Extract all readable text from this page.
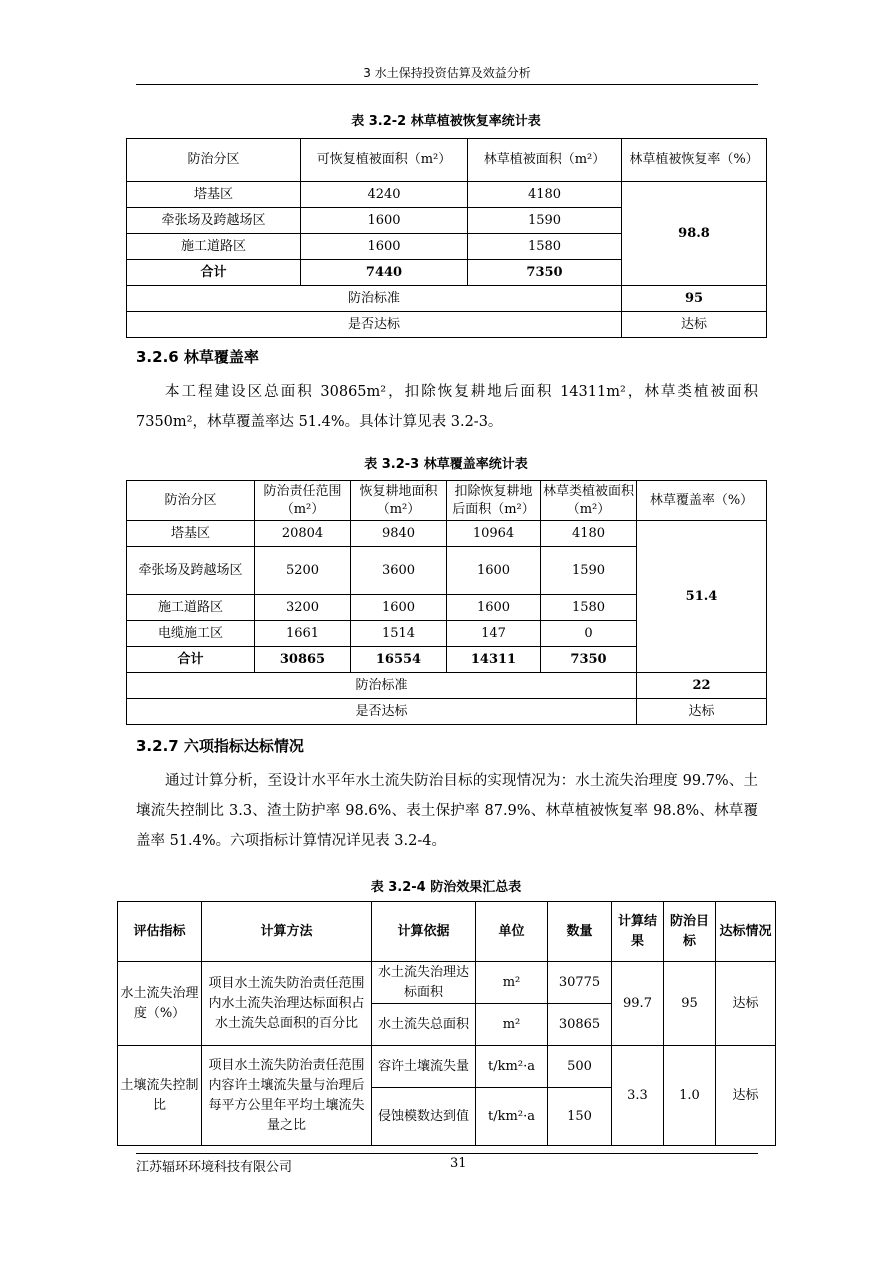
3 水土保持投资估算及效益分析
表 3.2-2 林草植被恢复率统计表
防治分区	可恢复植被面积（m²）	林草植被面积（m²）	林草植被恢复率（%）
塔基区	4240	4180	98.8
牵张场及跨越场区	1600	1590	
施工道路区	1600	1580	
合计	7440	7350	
防治标准			95
是否达标			达标
3.2.6 林草覆盖率
本工程建设区总面积 30865m²，扣除恢复耕地后面积 14311m²，林草类植被面积 7350m²，林草覆盖率达 51.4%。具体计算见表 3.2-3。
表 3.2-3 林草覆盖率统计表
防治分区	防治责任范围（m²）	恢复耕地面积（m²）	扣除恢复耕地后面积（m²）	林草类植被面积（m²）	林草覆盖率（%）
塔基区	20804	9840	10964	4180	51.4
牵张场及跨越场区	5200	3600	1600	1590	
施工道路区	3200	1600	1600	1580	
电缆施工区	1661	1514	147	0	
合计	30865	16554	14311	7350	
防治标准					22
是否达标					达标
3.2.7 六项指标达标情况
通过计算分析，至设计水平年水土流失防治目标的实现情况为：水土流失治理度 99.7%、土壤流失控制比 3.3、渣土防护率 98.6%、表土保护率 87.9%、林草植被恢复率 98.8%、林草覆盖率 51.4%。六项指标计算情况详见表 3.2-4。
表 3.2-4 防治效果汇总表
评估指标	计算方法	计算依据	单位	数量	计算结果	防治目标	达标情况
水土流失治理度（%）	项目水土流失防治责任范围内水土流失治理达标面积占水土流失总面积的百分比	水土流失治理达标面积	m²	30775	99.7	95	达标
		水土流失总面积	m²	30865			
土壤流失控制比	项目水土流失防治责任范围内容许土壤流失量与治理后每平方公里年平均土壤流失量之比	容许土壤流失量	t/km²·a	500	3.3	1.0	达标
		侵蚀模数达到值	t/km²·a	150			
江苏辐环环境科技有限公司	31
